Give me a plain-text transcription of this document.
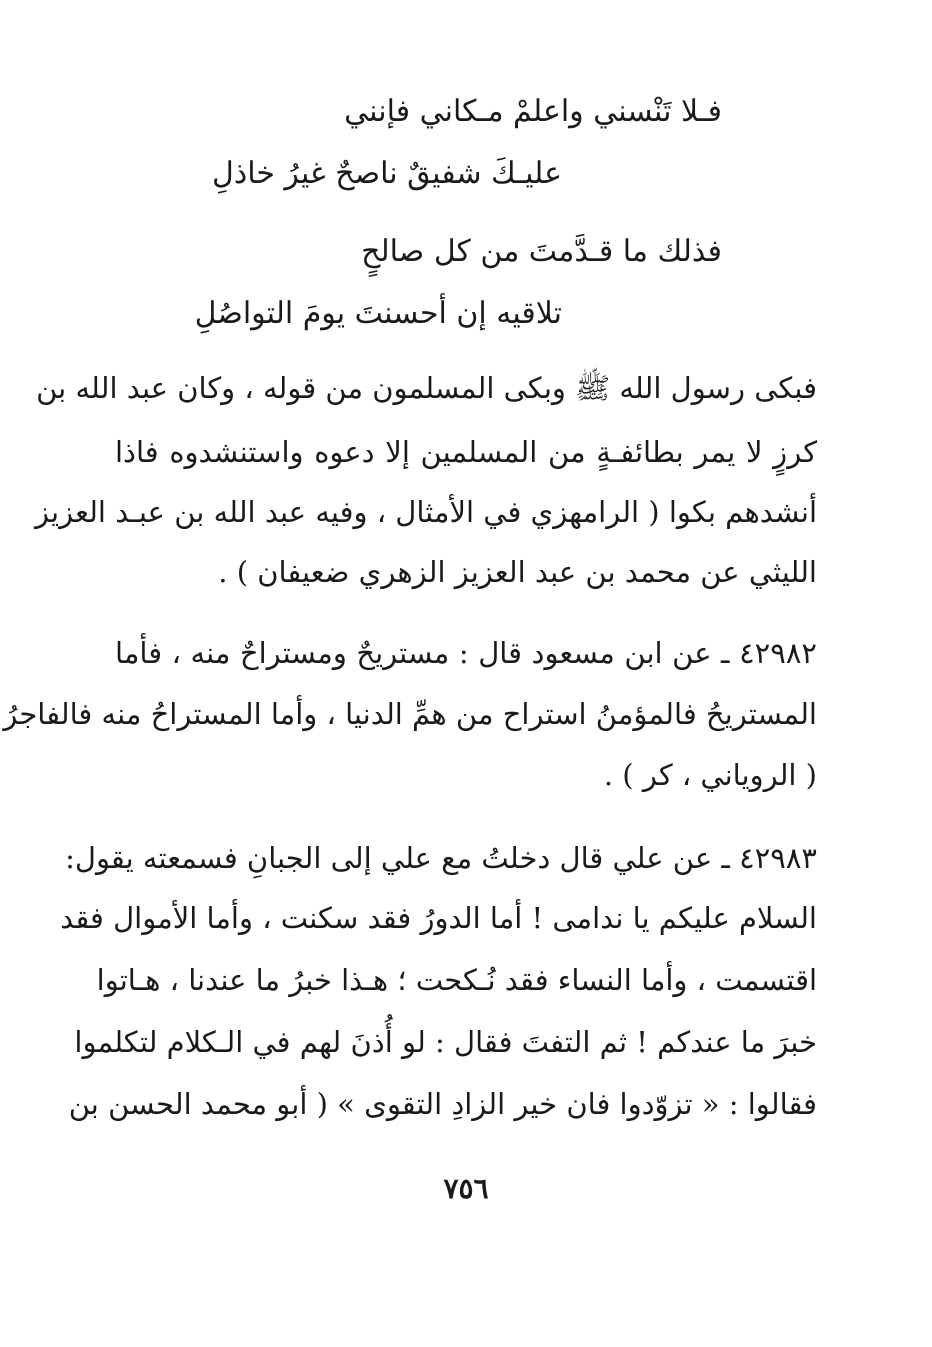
فـلا تَنْسني واعلمْ مـكاني فإنني
عليـكَ شفيقٌ ناصحٌ غيرُ خاذلِ
فذلك ما قـدَّمتَ من كل صالحٍ
تلاقيه إن أحسنتَ يومَ التواصُلِ
فبكى رسول الله ﷺ وبكى المسلمون من قوله ، وكان عبد الله بن
كرزٍ لا يمر بطائفـةٍ من المسلمين إلا دعوه واستنشدوه فاذا
أنشدهم بكوا ( الرامهزي في الأمثال ، وفيه عبد الله بن عبـد العزيز
الليثي عن محمد بن عبد العزيز الزهري ضعيفان ) .
٤٢٩٨٢ ـ عن ابن مسعود قال : مستريحٌ ومستراحٌ منه ، فأما
المستريحُ فالمؤمنُ استراح من همِّ الدنيا ، وأما المستراحُ منه فالفاجرُ
( الروياني ، كر ) .
٤٢٩٨٣ ـ عن علي قال دخلتُ مع علي إلى الجبانِ فسمعته يقول:
السلام عليكم يا ندامى ! أما الدورُ فقد سكنت ، وأما الأموال فقد
اقتسمت ، وأما النساء فقد نُـكحت ؛ هـذا خبرُ ما عندنا ، هـاتوا
خبرَ ما عندكم ! ثم التفتَ فقال : لو أُذنَ لهم في الـكلام لتكلموا
فقالوا : « تزوّدوا فان خير الزادِ التقوى » ( أبو محمد الحسن بن
٧٥٦
